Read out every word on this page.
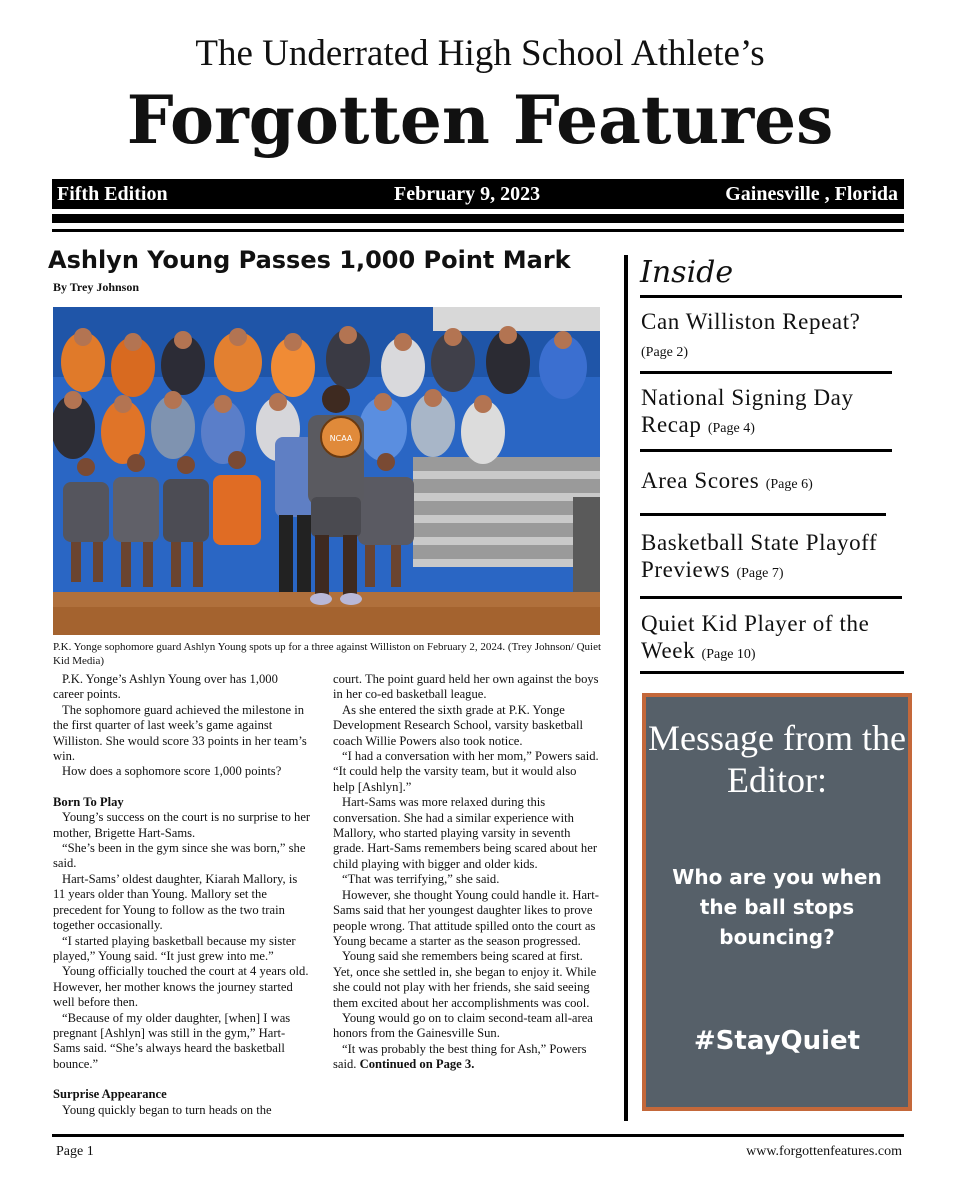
The Underrated High School Athlete’s
Forgotten Features
Fifth Edition	February 9, 2023	Gainesville , Florida
Ashlyn Young Passes 1,000 Point Mark
By Trey Johnson
NCAA
P.K. Yonge sophomore guard Ashlyn Young spots up for a three against Williston on February 2, 2024. (Trey Johnson/ Quiet Kid Media)

P.K. Yonge’s Ashlyn Young over has 1,000 career points.

The sophomore guard achieved the milestone in the first quarter of last week’s game against Williston. She would score 33 points in her team’s win.

How does a sophomore score 1,000 points?

Born To Play

Young’s success on the court is no surprise to her mother, Brigette Hart-Sams.

“She’s been in the gym since she was born,” she said.

Hart-Sams’ oldest daughter, Kiarah Mallory, is 11 years older than Young. Mallory set the precedent for Young to follow as the two train together occasionally.

“I started playing basketball because my sister played,” Young said. “It just grew into me.”

Young officially touched the court at 4 years old. However, her mother knows the journey started well before then.

“Because of my older daughter, [when] I was pregnant [Ashlyn] was still in the gym,” Hart-Sams said. “She’s always heard the basketball bounce.”

Surprise Appearance

Young quickly began to turn heads on the

court. The point guard held her own against the boys in her co-ed basketball league.

As she entered the sixth grade at P.K. Yonge Development Research School, varsity basketball coach Willie Powers also took notice.

“I had a conversation with her mom,” Powers said. “It could help the varsity team, but it would also help [Ashlyn].”

Hart-Sams was more relaxed during this conversation. She had a similar experience with Mallory, who started playing varsity in seventh grade. Hart-Sams remembers being scared about her child playing with bigger and older kids.

“That was terrifying,” she said.

However, she thought Young could handle it. Hart-Sams said that her youngest daughter likes to prove people wrong. That attitude spilled onto the court as Young became a starter as the season progressed.

Young said she remembers being scared at first. Yet, once she settled in, she began to enjoy it. While she could not play with her friends, she said seeing them excited about her accomplishments was cool.

Young would go on to claim second-team all-area honors from the Gainesville Sun.

“It was probably the best thing for Ash,” Powers said. Continued on Page 3.

Inside
Can Williston Repeat?(Page 2)
National Signing Day Recap (Page 4)
Area Scores (Page 6)
Basketball State Playoff Previews (Page 7)
Quiet Kid Player of the Week (Page 10)
Message from the Editor:
Who are you when the ball stops bouncing?
#StayQuiet
Page 1	www.forgottenfeatures.com
